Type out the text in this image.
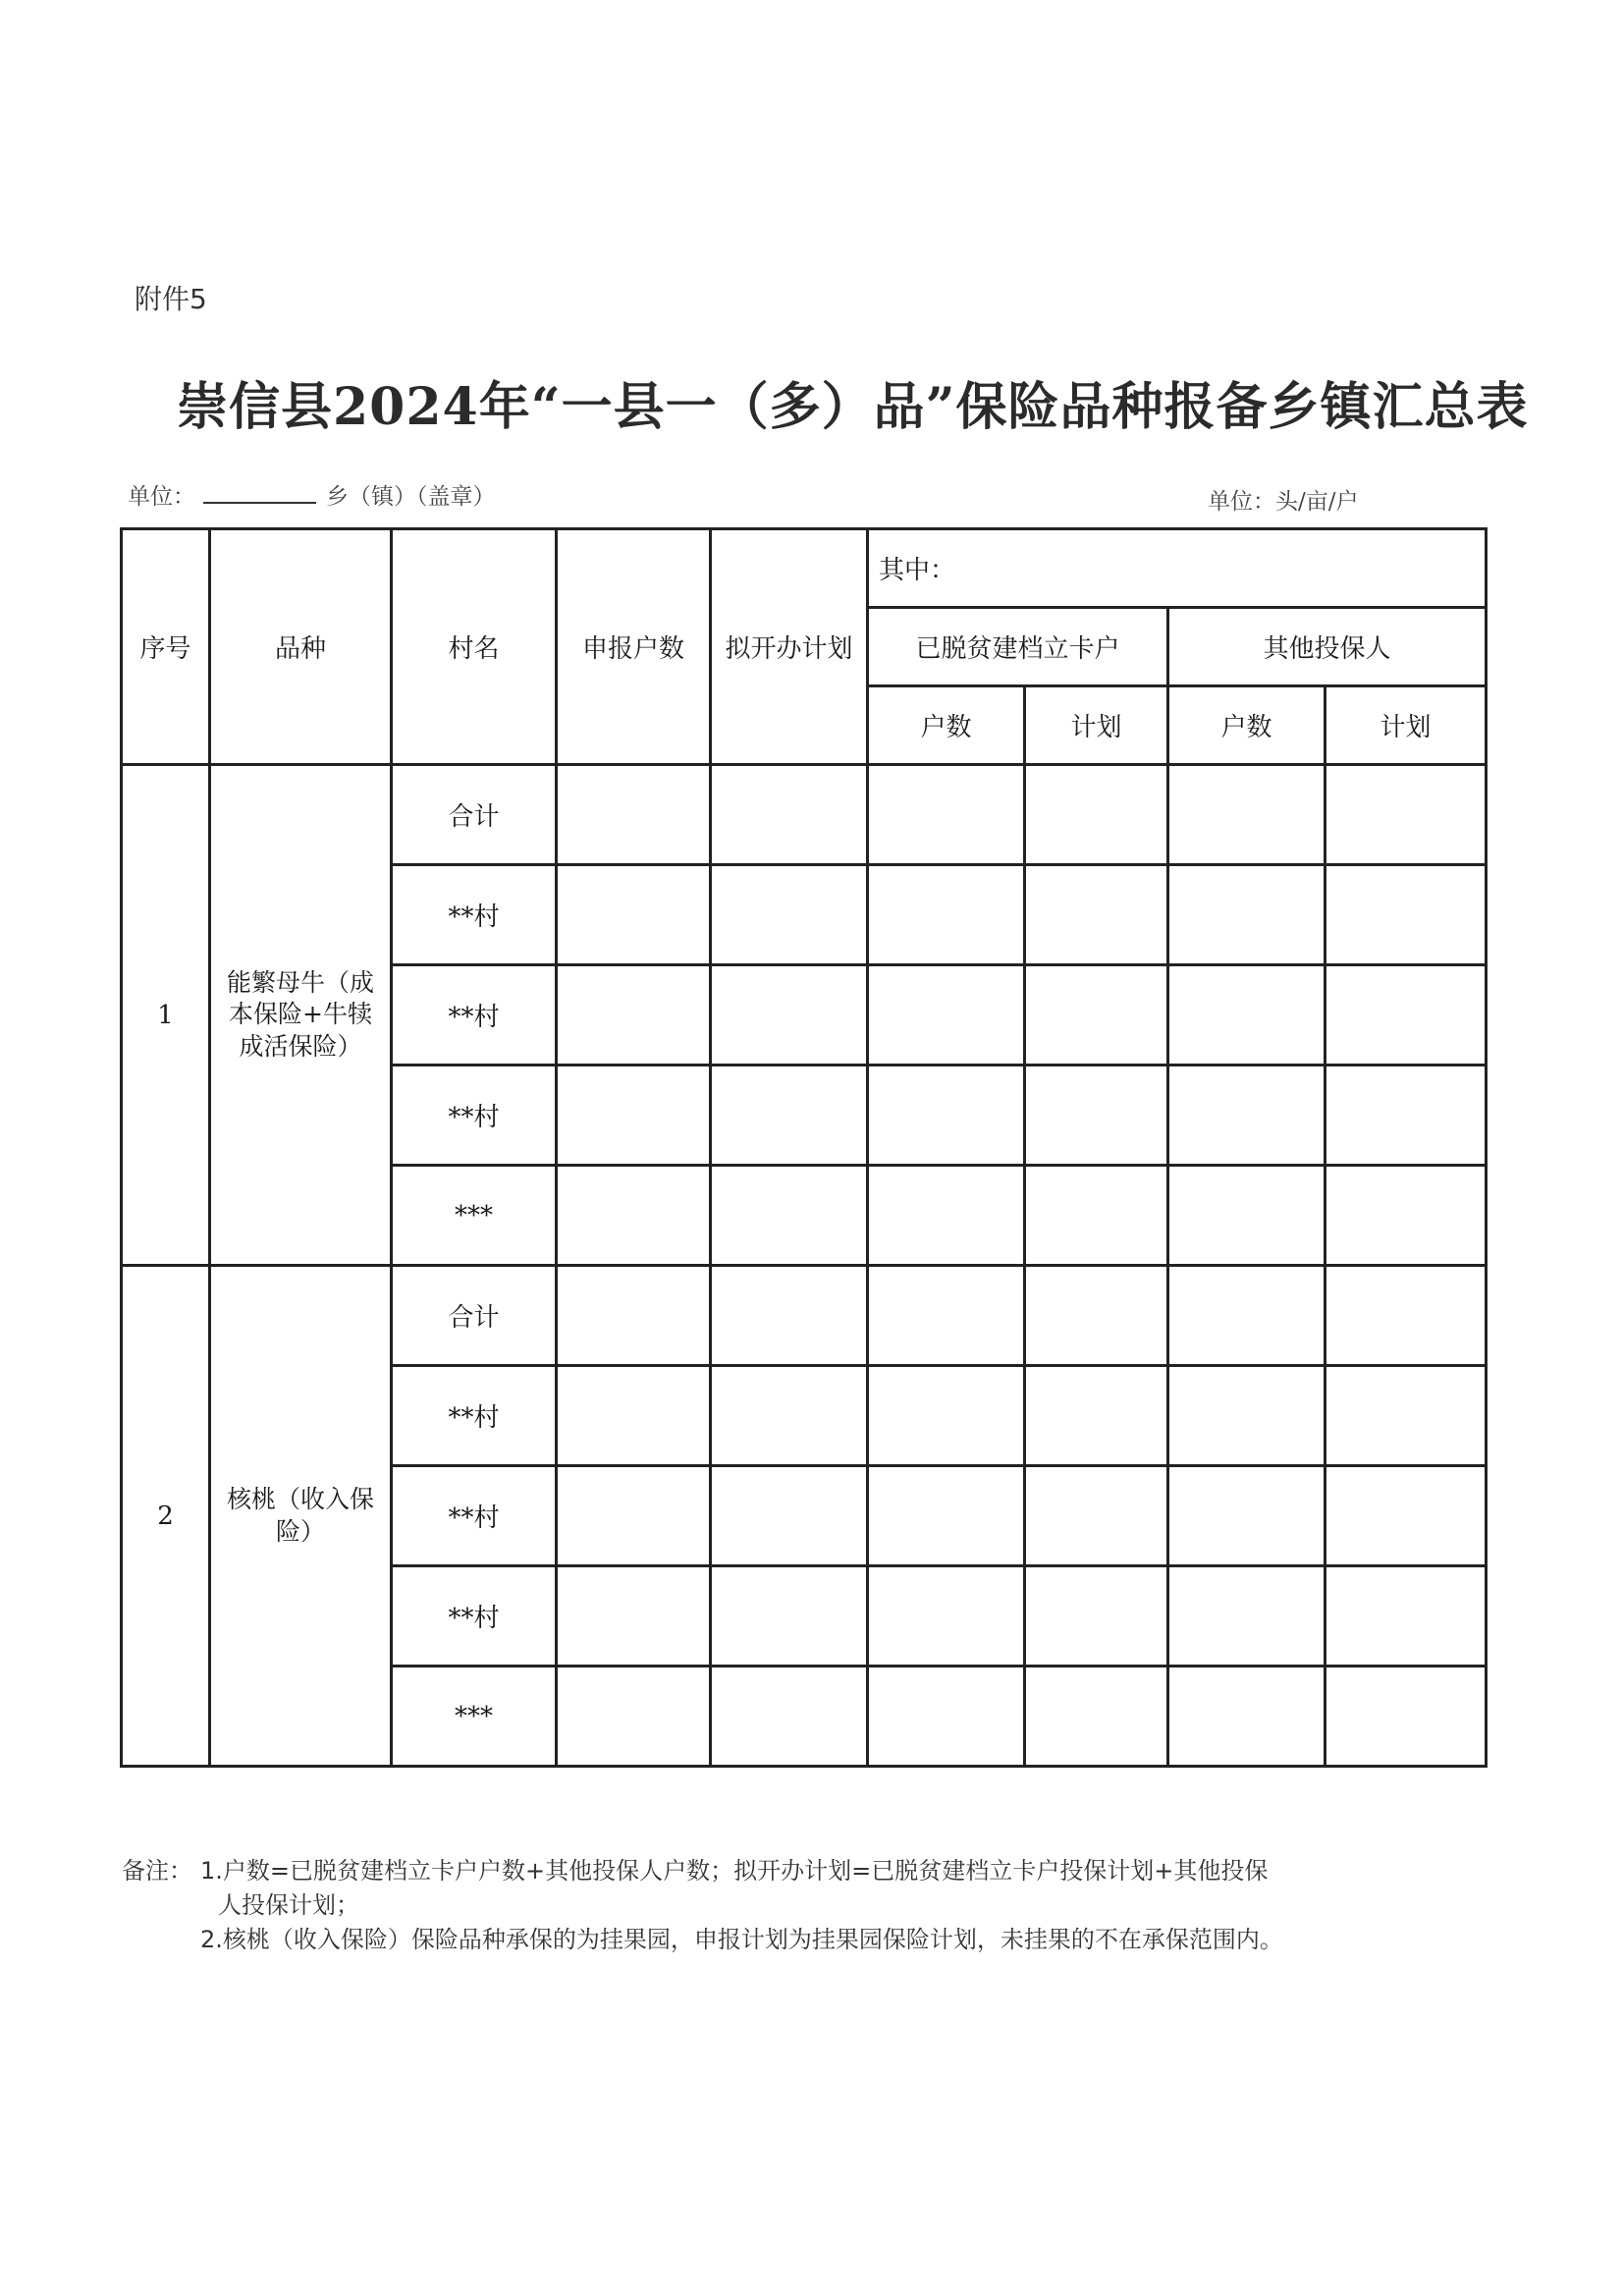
附件5
崇信县2024年“一县一（多）品”保险品种报备乡镇汇总表
单位：	乡（镇）（盖章）	单位：头/亩/户
序号	品种	村名	申报户数	拟开办计划	其中：			
					已脱贫建档立卡户		其他投保人	
					户数	计划	户数	计划
1	能繁母牛（成本保险+牛犊成活保险）	合计						
		**村						
		**村						
		**村						
		***						
2	核桃（收入保险）	合计						
		**村						
		**村						
		**村						
		***						
备注： 1.户数=已脱贫建档立卡户户数+其他投保人户数；拟开办计划=已脱贫建档立卡户投保计划+其他投保
人投保计划；
2.核桃（收入保险）保险品种承保的为挂果园，申报计划为挂果园保险计划，未挂果的不在承保范围内。
